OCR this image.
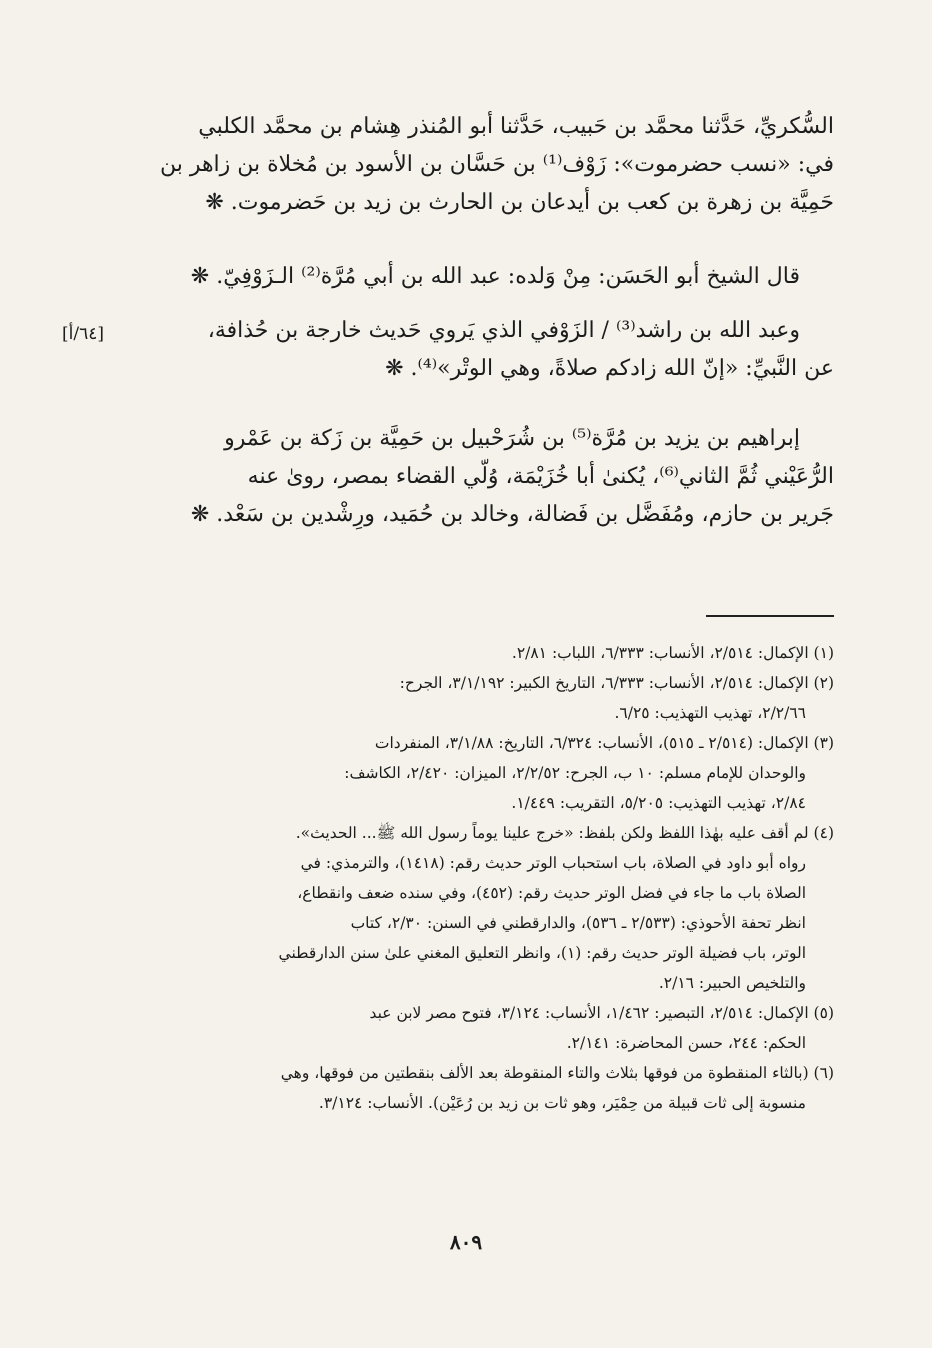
السُّكريِّ، حَدَّثنا محمَّد بن حَبيب، حَدَّثنا أبو المُنذر هِشام بن محمَّد الكلبي
في: «نسب حضرموت»: زَوْف⁽¹⁾ بن حَسَّان بن الأسود بن مُخلاة بن زاهر بن
حَمِيَّة بن زهرة بن كعب بن أيدعان بن الحارث بن زيد بن حَضرموت. ❋
قال الشيخ أبو الحَسَن: مِنْ وَلده: عبد الله بن أبي مُرَّة⁽²⁾ الـزَوْفِيّ. ❋
وعبد الله بن راشد⁽³⁾ / الزَوْفي الذي يَروي حَديث خارجة بن حُذافة،
عن النَّبيِّ: «إنّ الله زادكم صلاةً، وهي الوتْر»⁽⁴⁾. ❋
[٦٤/أ]
إبراهيم بن يزيد بن مُرَّة⁽⁵⁾ بن شُرَحْبيل بن حَمِيَّة بن زَكة بن عَمْرو
الرُّعَيْني ثُمَّ الثاني⁽⁶⁾، يُكنىٰ أبا خُزَيْمَة، وُلّي القضاء بمصر، روىٰ عنه
جَرير بن حازم، ومُفَضَّل بن فَضالة، وخالد بن حُمَيد، ورِشْدين بن سَعْد. ❋
(١) الإكمال: ٢/٥١٤، الأنساب: ٦/٣٣٣، اللباب: ٢/٨١.
(٢) الإكمال: ٢/٥١٤، الأنساب: ٦/٣٣٣، التاريخ الكبير: ٣/١/١٩٢، الجرح:
٢/٢/٦٦، تهذيب التهذيب: ٦/٢٥.
(٣) الإكمال: (٢/٥١٤ ـ ٥١٥)، الأنساب: ٦/٣٢٤، التاريخ: ٣/١/٨٨، المنفردات
والوحدان للإمام مسلم: ١٠ ب، الجرح: ٢/٢/٥٢، الميزان: ٢/٤٢٠، الكاشف:
٢/٨٤، تهذيب التهذيب: ٥/٢٠٥، التقريب: ١/٤٤٩.
(٤) لم أقف عليه بهٰذا اللفظ ولكن بلفظ: «خرج علينا يوماً رسول الله ﷺ... الحديث».
رواه أبو داود في الصلاة، باب استحباب الوتر حديث رقم: (١٤١٨)، والترمذي: في
الصلاة باب ما جاء في فضل الوتر حديث رقم: (٤٥٢)، وفي سنده ضعف وانقطاع،
انظر تحفة الأحوذي: (٢/٥٣٣ ـ ٥٣٦)، والدارقطني في السنن: ٢/٣٠، كتاب
الوتر، باب فضيلة الوتر حديث رقم: (١)، وانظر التعليق المغني علىٰ سنن الدارقطني
والتلخيص الحبير: ٢/١٦.
(٥) الإكمال: ٢/٥١٤، التبصير: ١/٤٦٢، الأنساب: ٣/١٢٤، فتوح مصر لابن عبد
الحكم: ٢٤٤، حسن المحاضرة: ٢/١٤١.
(٦) (بالثاء المنقطوة من فوقها بثلاث والتاء المنقوطة بعد الألف بنقطتين من فوقها، وهي
منسوبة إلى ثات قبيلة من حِمْيَر، وهو ثات بن زيد بن رُعَيْن). الأنساب: ٣/١٢٤.
٨٠٩
